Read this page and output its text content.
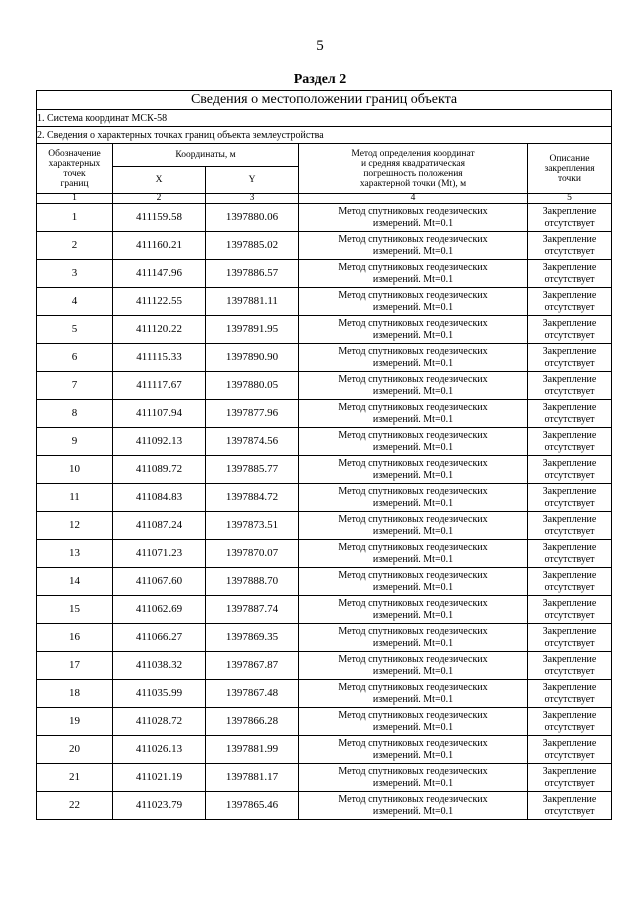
5
Раздел 2
Сведения о местоположении границ объекта				
1. Система координат МСК-58				
2. Сведения о характерных точках границ объекта землеустройства				
Обозначение
характерных
точек
границ	Координаты, м		Метод определения координат
и средняя квадратическая
погрешность положения
характерной точки (Mt), м	Описание
закрепления
точки
	X	Y		
1	2	3	4	5
1	411159.58	1397880.06	Метод спутниковых геодезических
измерений. Mt=0.1	Закрепление
отсутствует
2	411160.21	1397885.02	Метод спутниковых геодезических
измерений. Mt=0.1	Закрепление
отсутствует
3	411147.96	1397886.57	Метод спутниковых геодезических
измерений. Mt=0.1	Закрепление
отсутствует
4	411122.55	1397881.11	Метод спутниковых геодезических
измерений. Mt=0.1	Закрепление
отсутствует
5	411120.22	1397891.95	Метод спутниковых геодезических
измерений. Mt=0.1	Закрепление
отсутствует
6	411115.33	1397890.90	Метод спутниковых геодезических
измерений. Mt=0.1	Закрепление
отсутствует
7	411117.67	1397880.05	Метод спутниковых геодезических
измерений. Mt=0.1	Закрепление
отсутствует
8	411107.94	1397877.96	Метод спутниковых геодезических
измерений. Mt=0.1	Закрепление
отсутствует
9	411092.13	1397874.56	Метод спутниковых геодезических
измерений. Mt=0.1	Закрепление
отсутствует
10	411089.72	1397885.77	Метод спутниковых геодезических
измерений. Mt=0.1	Закрепление
отсутствует
11	411084.83	1397884.72	Метод спутниковых геодезических
измерений. Mt=0.1	Закрепление
отсутствует
12	411087.24	1397873.51	Метод спутниковых геодезических
измерений. Mt=0.1	Закрепление
отсутствует
13	411071.23	1397870.07	Метод спутниковых геодезических
измерений. Mt=0.1	Закрепление
отсутствует
14	411067.60	1397888.70	Метод спутниковых геодезических
измерений. Mt=0.1	Закрепление
отсутствует
15	411062.69	1397887.74	Метод спутниковых геодезических
измерений. Mt=0.1	Закрепление
отсутствует
16	411066.27	1397869.35	Метод спутниковых геодезических
измерений. Mt=0.1	Закрепление
отсутствует
17	411038.32	1397867.87	Метод спутниковых геодезических
измерений. Mt=0.1	Закрепление
отсутствует
18	411035.99	1397867.48	Метод спутниковых геодезических
измерений. Mt=0.1	Закрепление
отсутствует
19	411028.72	1397866.28	Метод спутниковых геодезических
измерений. Mt=0.1	Закрепление
отсутствует
20	411026.13	1397881.99	Метод спутниковых геодезических
измерений. Mt=0.1	Закрепление
отсутствует
21	411021.19	1397881.17	Метод спутниковых геодезических
измерений. Mt=0.1	Закрепление
отсутствует
22	411023.79	1397865.46	Метод спутниковых геодезических
измерений. Mt=0.1	Закрепление
отсутствует
